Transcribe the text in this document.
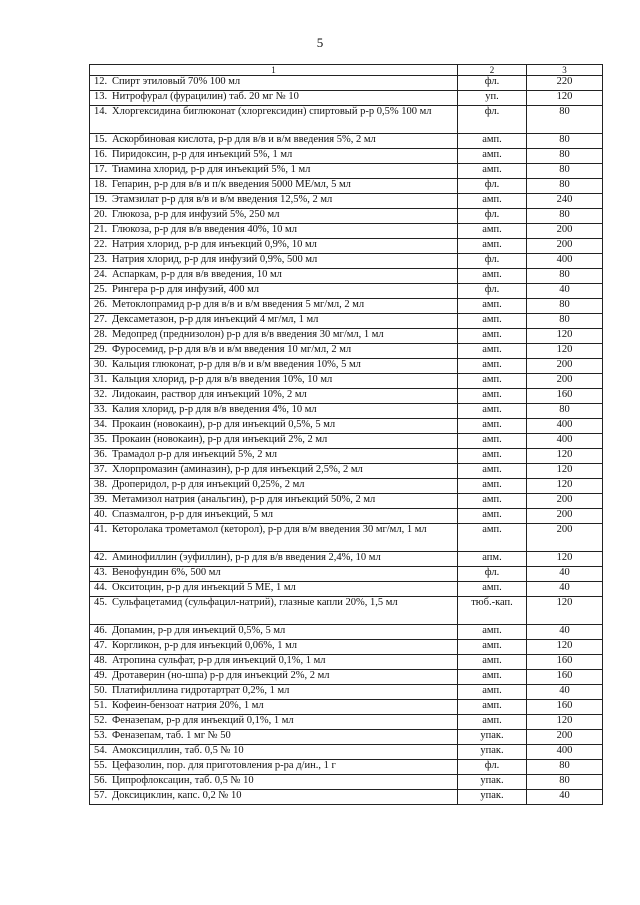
5
1	2	3
12. Спирт этиловый 70% 100 мл	фл.	220
13. Нитрофурал (фурацилин) таб. 20 мг № 10	уп.	120
14. Хлоргексидина биглюконат (хлоргексидин) спиртовый р-р 0,5% 100 мл	фл.	80
15. Аскорбиновая кислота, р-р для в/в и в/м введения 5%, 2 мл	амп.	80
16. Пиридоксин, р-р для инъекций 5%, 1 мл	амп.	80
17. Тиамина хлорид, р-р для инъекций 5%, 1 мл	амп.	80
18. Гепарин, р-р для в/в и п/к введения 5000 МЕ/мл, 5 мл	фл.	80
19. Этамзилат р-р для в/в и в/м введения 12,5%, 2 мл	амп.	240
20. Глюкоза, р-р для инфузий 5%, 250 мл	фл.	80
21. Глюкоза, р-р для в/в введения 40%, 10 мл	амп.	200
22. Натрия хлорид, р-р для инъекций 0,9%, 10 мл	амп.	200
23. Натрия хлорид, р-р для инфузий 0,9%, 500 мл	фл.	400
24. Аспаркам, р-р для в/в введения, 10 мл	амп.	80
25. Рингера р-р для инфузий, 400 мл	фл.	40
26. Метоклопрамид р-р для в/в и в/м введения 5 мг/мл, 2 мл	амп.	80
27. Дексаметазон, р-р для инъекций 4 мг/мл, 1 мл	амп.	80
28. Медопред (преднизолон) р-р для в/в введения 30 мг/мл, 1 мл	амп.	120
29. Фуросемид, р-р для в/в и в/м введения 10 мг/мл, 2 мл	амп.	120
30. Кальция глюконат, р-р для в/в и в/м введения 10%, 5 мл	амп.	200
31. Кальция хлорид, р-р для в/в введения 10%, 10 мл	амп.	200
32. Лидокаин, раствор для инъекций 10%, 2 мл	амп.	160
33. Калия хлорид, р-р для в/в введения 4%, 10 мл	амп.	80
34. Прокаин (новокаин), р-р для инъекций 0,5%, 5 мл	амп.	400
35. Прокаин (новокаин), р-р для инъекций 2%, 2 мл	амп.	400
36. Трамадол р-р для инъекций 5%, 2 мл	амп.	120
37. Хлорпромазин (аминазин), р-р для инъекций 2,5%, 2 мл	амп.	120
38. Дроперидол, р-р для инъекций 0,25%, 2 мл	амп.	120
39. Метамизол натрия (анальгин), р-р для инъекций 50%, 2 мл	амп.	200
40. Спазмалгон, р-р для инъекций, 5 мл	амп.	200
41. Кеторолака трометамол (кеторол), р-р для в/м введения 30 мг/мл, 1 мл	амп.	200
42. Аминофиллин (эуфиллин), р-р для в/в введения 2,4%, 10 мл	апм.	120
43. Венофундин 6%, 500 мл	фл.	40
44. Окситоцин, р-р для инъекций 5 МЕ, 1 мл	амп.	40
45. Сульфацетамид (сульфацил-натрий), глазные капли 20%, 1,5 мл	тюб.-кап.	120
46. Допамин, р-р для инъекций 0,5%, 5 мл	амп.	40
47. Коргликон, р-р для инъекций 0,06%, 1 мл	амп.	120
48. Атропина сульфат, р-р для инъекций 0,1%, 1 мл	амп.	160
49. Дротаверин (но-шпа) р-р для инъекций 2%, 2 мл	амп.	160
50. Платифиллина гидротартрат 0,2%, 1 мл	амп.	40
51. Кофеин-бензоат натрия 20%, 1 мл	амп.	160
52. Феназепам, р-р для инъекций 0,1%, 1 мл	амп.	120
53. Феназепам, таб. 1 мг № 50	упак.	200
54. Амоксициллин, таб. 0,5 № 10	упак.	400
55. Цефазолин, пор. для приготовления р-ра д/ин., 1 г	фл.	80
56. Ципрофлоксацин, таб. 0,5 № 10	упак.	80
57. Доксициклин, капс. 0,2 № 10	упак.	40
